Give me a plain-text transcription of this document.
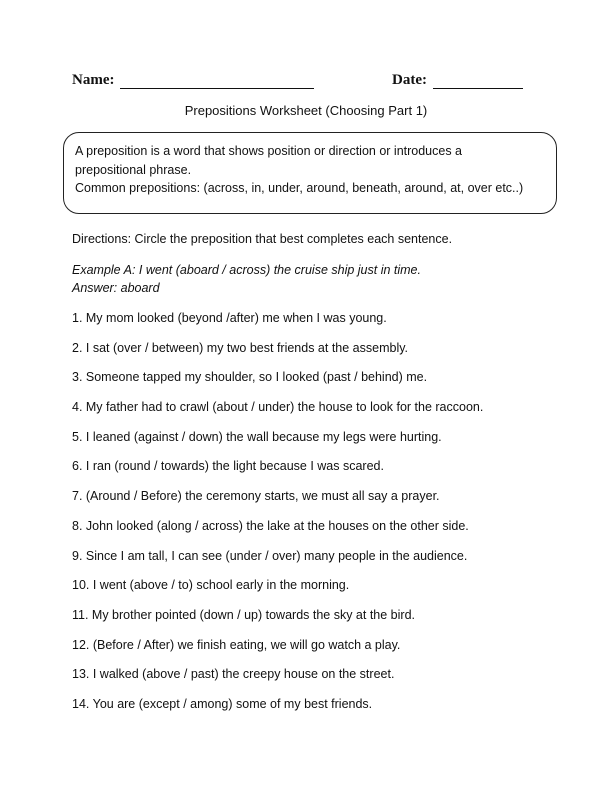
Name:	Date:
Prepositions Worksheet (Choosing Part 1)
A preposition is a word that shows position or direction or introduces a
prepositional phrase.
Common prepositions: (across, in, under, around, beneath, around, at, over etc..)
Directions: Circle the preposition that best completes each sentence.
Example A: I went (aboard / across) the cruise ship just in time.
Answer: aboard
1. My mom looked (beyond /after) me when I was young.
2. I sat (over / between) my two best friends at the assembly.
3. Someone tapped my shoulder, so I looked (past / behind) me.
4. My father had to crawl (about / under) the house to look for the raccoon.
5. I leaned (against / down) the wall because my legs were hurting.
6. I ran (round / towards) the light because I was scared.
7. (Around / Before) the ceremony starts, we must all say a prayer.
8. John looked (along / across) the lake at the houses on the other side.
9. Since I am tall, I can see (under / over) many people in the audience.
10. I went (above / to) school early in the morning.
11. My brother pointed (down / up) towards the sky at the bird.
12. (Before / After) we finish eating, we will go watch a play.
13. I walked (above / past) the creepy house on the street.
14. You are (except / among) some of my best friends.
